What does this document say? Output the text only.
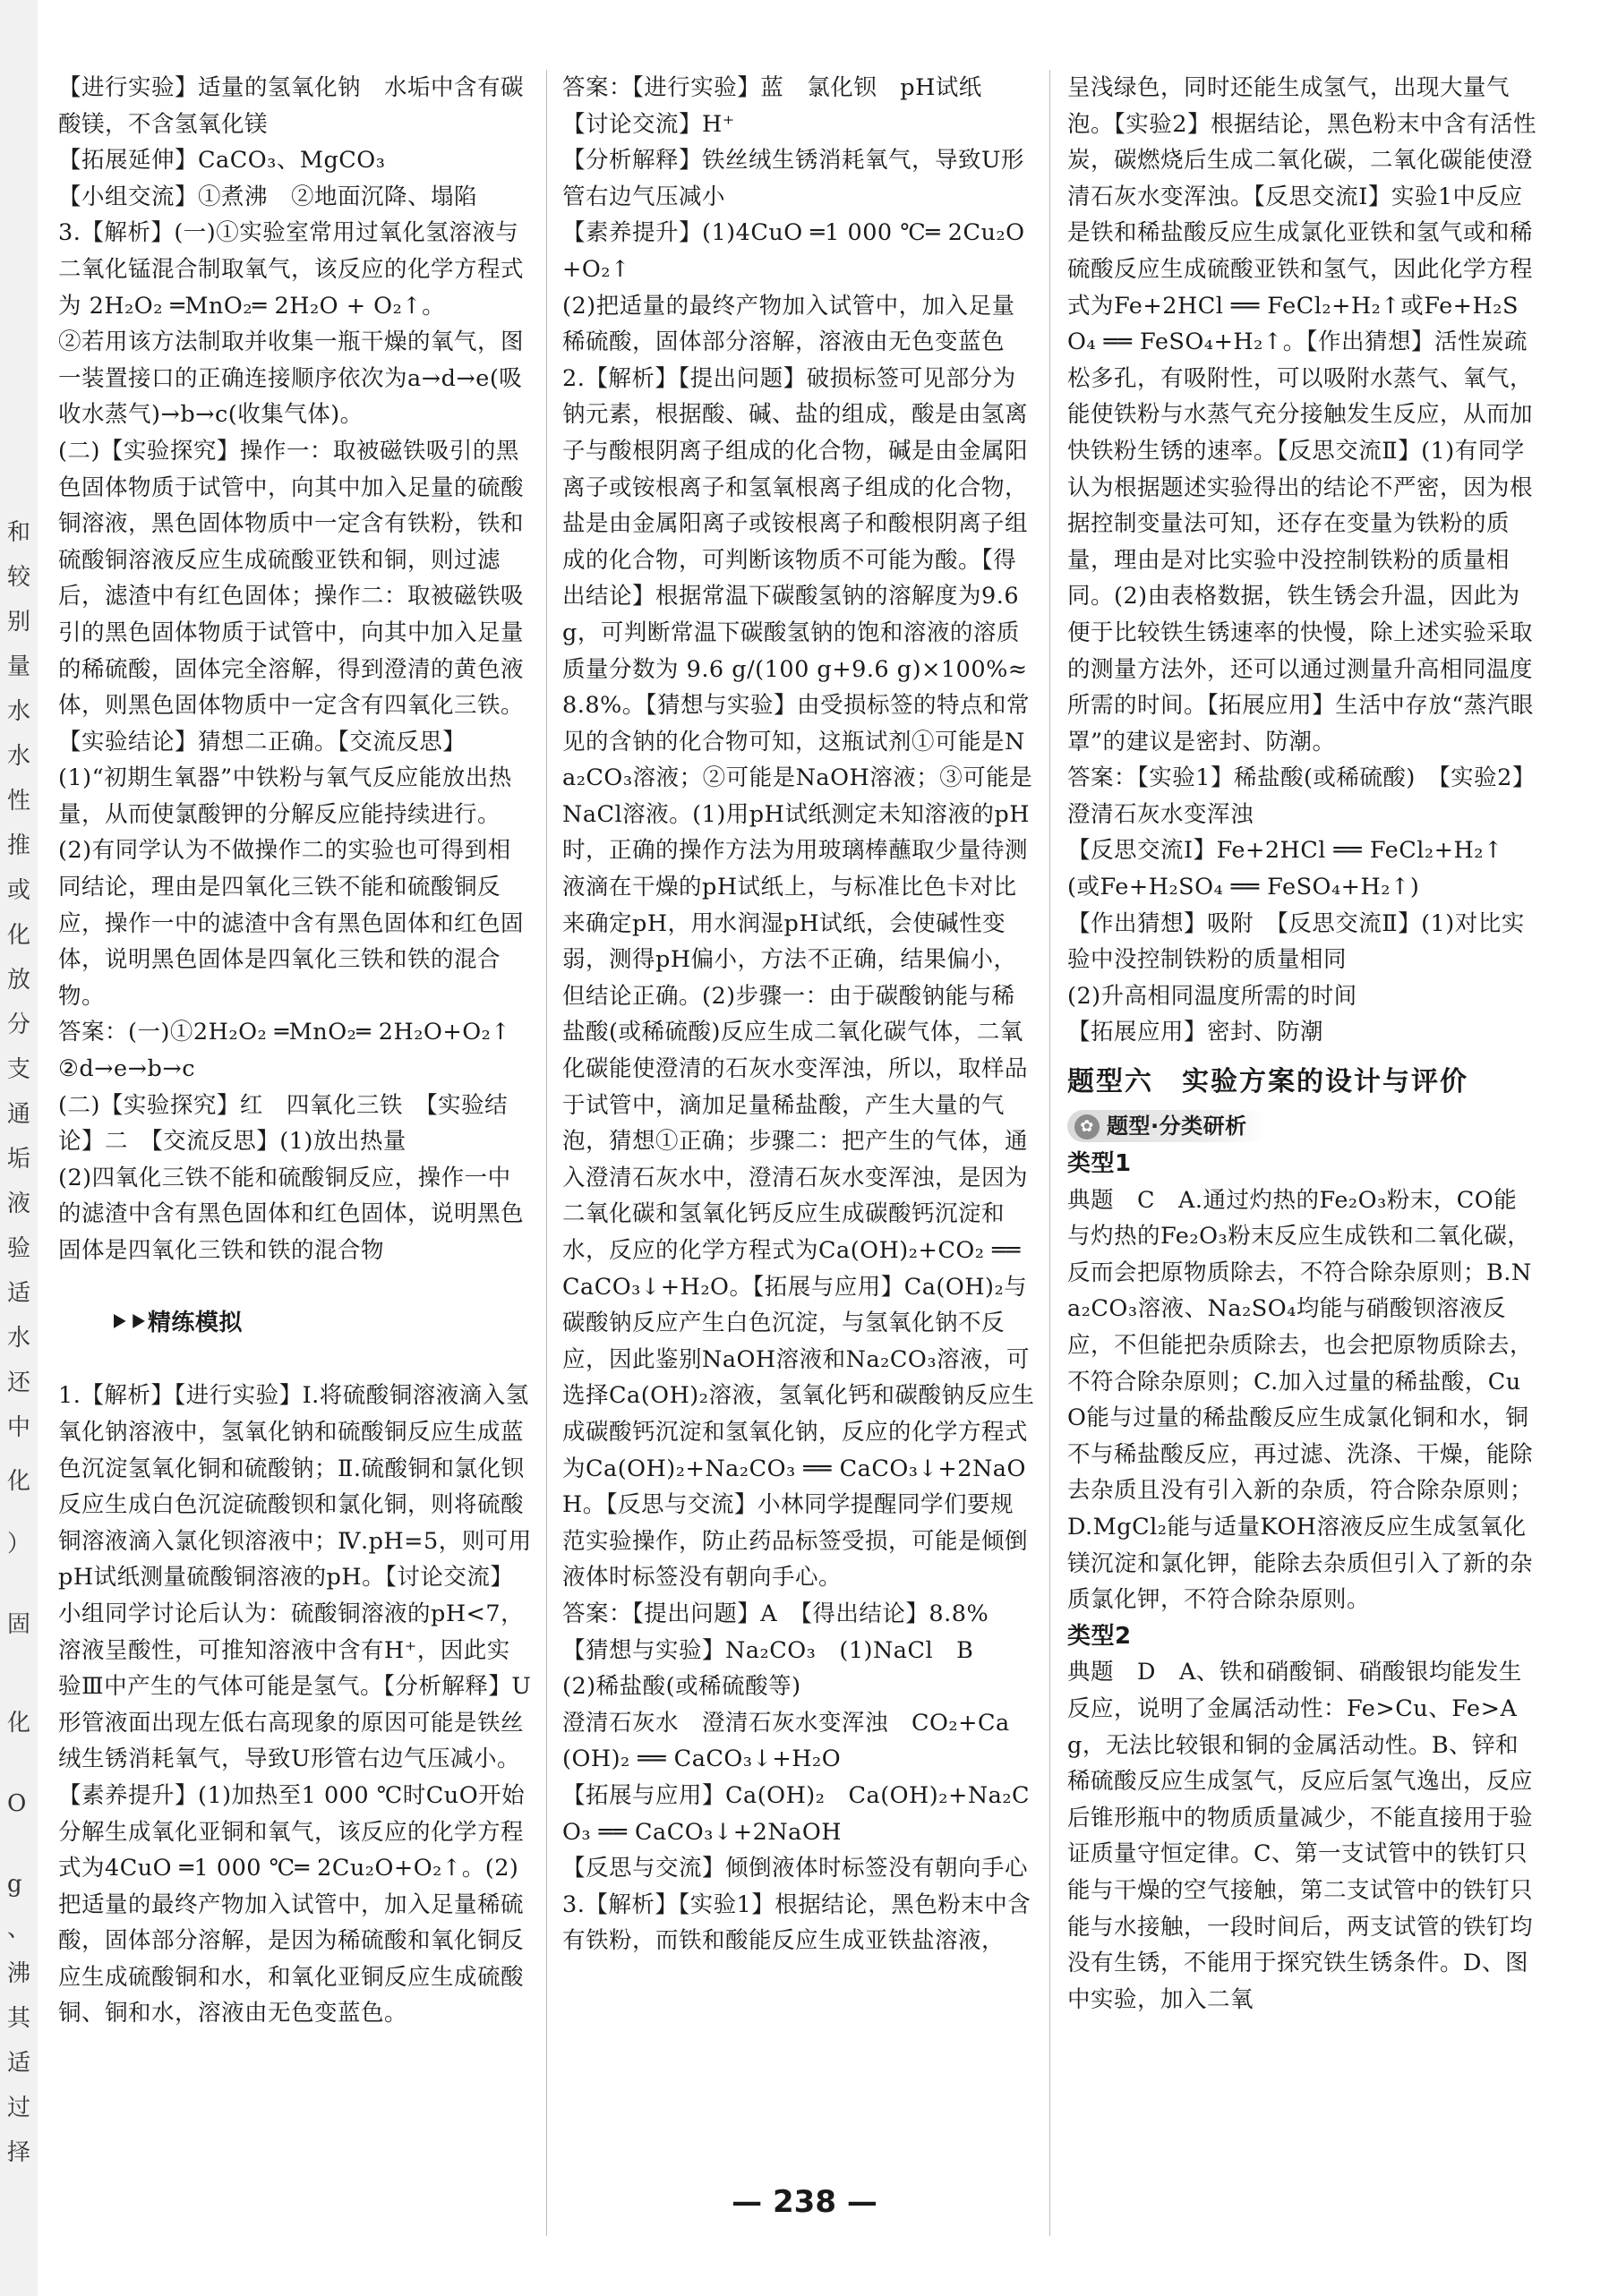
和
较
别
量
水
水
性
推
或
化
放
分
支
通
垢
液
验
适
水
还
中
化
）
固
化
O
g
、
沸
其
适
过
择

【进行实验】适量的氢氧化钠　水垢中含有碳酸镁，不含氢氧化镁

【拓展延伸】CaCO₃、MgCO₃

【小组交流】①煮沸　②地面沉降、塌陷

3.【解析】(一)①实验室常用过氧化氢溶液与二氧化锰混合制取氧气，该反应的化学方程式为 2H₂O₂ ═MnO₂═ 2H₂O + O₂↑。

②若用该方法制取并收集一瓶干燥的氧气，图一装置接口的正确连接顺序依次为a→d→e(吸收水蒸气)→b→c(收集气体)。

(二)【实验探究】操作一：取被磁铁吸引的黑色固体物质于试管中，向其中加入足量的硫酸铜溶液，黑色固体物质中一定含有铁粉，铁和硫酸铜溶液反应生成硫酸亚铁和铜，则过滤后，滤渣中有红色固体；操作二：取被磁铁吸引的黑色固体物质于试管中，向其中加入足量的稀硫酸，固体完全溶解，得到澄清的黄色液体，则黑色固体物质中一定含有四氧化三铁。【实验结论】猜想二正确。【交流反思】(1)“初期生氧器”中铁粉与氧气反应能放出热量，从而使氯酸钾的分解反应能持续进行。(2)有同学认为不做操作二的实验也可得到相同结论，理由是四氧化三铁不能和硫酸铜反应，操作一中的滤渣中含有黑色固体和红色固体，说明黑色固体是四氧化三铁和铁的混合物。

答案：(一)①2H₂O₂ ═MnO₂═ 2H₂O+O₂↑

②d→e→b→c

(二)【实验探究】红　四氧化三铁　【实验结论】二　【交流反思】(1)放出热量

(2)四氧化三铁不能和硫酸铜反应，操作一中的滤渣中含有黑色固体和红色固体，说明黑色固体是四氧化三铁和铁的混合物

⯈⯈精练模拟

1.【解析】【进行实验】Ⅰ.将硫酸铜溶液滴入氢氧化钠溶液中，氢氧化钠和硫酸铜反应生成蓝色沉淀氢氧化铜和硫酸钠；Ⅱ.硫酸铜和氯化钡反应生成白色沉淀硫酸钡和氯化铜，则将硫酸铜溶液滴入氯化钡溶液中；Ⅳ.pH=5，则可用pH试纸测量硫酸铜溶液的pH。【讨论交流】小组同学讨论后认为：硫酸铜溶液的pH<7，溶液呈酸性，可推知溶液中含有H⁺，因此实验Ⅲ中产生的气体可能是氢气。【分析解释】U形管液面出现左低右高现象的原因可能是铁丝绒生锈消耗氧气，导致U形管右边气压减小。【素养提升】(1)加热至1 000 ℃时CuO开始分解生成氧化亚铜和氧气，该反应的化学方程式为4CuO ═1 000 ℃═ 2Cu₂O+O₂↑。(2)把适量的最终产物加入试管中，加入足量稀硫酸，固体部分溶解，是因为稀硫酸和氧化铜反应生成硫酸铜和水，和氧化亚铜反应生成硫酸铜、铜和水，溶液由无色变蓝色。

答案：【进行实验】蓝　氯化钡　pH试纸

【讨论交流】H⁺

【分析解释】铁丝绒生锈消耗氧气，导致U形管右边气压减小

【素养提升】(1)4CuO ═1 000 ℃═ 2Cu₂O+O₂↑

(2)把适量的最终产物加入试管中，加入足量稀硫酸，固体部分溶解，溶液由无色变蓝色

2.【解析】【提出问题】破损标签可见部分为钠元素，根据酸、碱、盐的组成，酸是由氢离子与酸根阴离子组成的化合物，碱是由金属阳离子或铵根离子和氢氧根离子组成的化合物，盐是由金属阳离子或铵根离子和酸根阴离子组成的化合物，可判断该物质不可能为酸。【得出结论】根据常温下碳酸氢钠的溶解度为9.6 g，可判断常温下碳酸氢钠的饱和溶液的溶质质量分数为 9.6 g/(100 g+9.6 g)×100%≈8.8%。【猜想与实验】由受损标签的特点和常见的含钠的化合物可知，这瓶试剂①可能是Na₂CO₃溶液；②可能是NaOH溶液；③可能是NaCl溶液。(1)用pH试纸测定未知溶液的pH时，正确的操作方法为用玻璃棒蘸取少量待测液滴在干燥的pH试纸上，与标准比色卡对比来确定pH，用水润湿pH试纸，会使碱性变弱，测得pH偏小，方法不正确，结果偏小，但结论正确。(2)步骤一：由于碳酸钠能与稀盐酸(或稀硫酸)反应生成二氧化碳气体，二氧化碳能使澄清的石灰水变浑浊，所以，取样品于试管中，滴加足量稀盐酸，产生大量的气泡，猜想①正确；步骤二：把产生的气体，通入澄清石灰水中，澄清石灰水变浑浊，是因为二氧化碳和氢氧化钙反应生成碳酸钙沉淀和水，反应的化学方程式为Ca(OH)₂+CO₂ ══ CaCO₃↓+H₂O。【拓展与应用】Ca(OH)₂与碳酸钠反应产生白色沉淀，与氢氧化钠不反应，因此鉴别NaOH溶液和Na₂CO₃溶液，可选择Ca(OH)₂溶液，氢氧化钙和碳酸钠反应生成碳酸钙沉淀和氢氧化钠，反应的化学方程式为Ca(OH)₂+Na₂CO₃ ══ CaCO₃↓+2NaOH。【反思与交流】小林同学提醒同学们要规范实验操作，防止药品标签受损，可能是倾倒液体时标签没有朝向手心。

答案：【提出问题】A　【得出结论】8.8%

【猜想与实验】Na₂CO₃　(1)NaCl　B

(2)稀盐酸(或稀硫酸等)

澄清石灰水　澄清石灰水变浑浊　CO₂+Ca(OH)₂ ══ CaCO₃↓+H₂O

【拓展与应用】Ca(OH)₂　Ca(OH)₂+Na₂CO₃ ══ CaCO₃↓+2NaOH

【反思与交流】倾倒液体时标签没有朝向手心

3.【解析】【实验1】根据结论，黑色粉末中含有铁粉，而铁和酸能反应生成亚铁盐溶液，

呈浅绿色，同时还能生成氢气，出现大量气泡。【实验2】根据结论，黑色粉末中含有活性炭，碳燃烧后生成二氧化碳，二氧化碳能使澄清石灰水变浑浊。【反思交流Ⅰ】实验1中反应是铁和稀盐酸反应生成氯化亚铁和氢气或和稀硫酸反应生成硫酸亚铁和氢气，因此化学方程式为Fe+2HCl ══ FeCl₂+H₂↑或Fe+H₂SO₄ ══ FeSO₄+H₂↑。【作出猜想】活性炭疏松多孔，有吸附性，可以吸附水蒸气、氧气，能使铁粉与水蒸气充分接触发生反应，从而加快铁粉生锈的速率。【反思交流Ⅱ】(1)有同学认为根据题述实验得出的结论不严密，因为根据控制变量法可知，还存在变量为铁粉的质量，理由是对比实验中没控制铁粉的质量相同。(2)由表格数据，铁生锈会升温，因此为便于比较铁生锈速率的快慢，除上述实验采取的测量方法外，还可以通过测量升高相同温度所需的时间。【拓展应用】生活中存放“蒸汽眼罩”的建议是密封、防潮。

答案：【实验1】稀盐酸(或稀硫酸)　【实验2】澄清石灰水变浑浊

【反思交流Ⅰ】Fe+2HCl ══ FeCl₂+H₂↑

(或Fe+H₂SO₄ ══ FeSO₄+H₂↑)

【作出猜想】吸附　【反思交流Ⅱ】(1)对比实验中没控制铁粉的质量相同

(2)升高相同温度所需的时间

【拓展应用】密封、防潮

题型六　实验方案的设计与评价

✿ 题型·分类研析

类型1

典题　C　A.通过灼热的Fe₂O₃粉末，CO能与灼热的Fe₂O₃粉末反应生成铁和二氧化碳，反而会把原物质除去，不符合除杂原则；B.Na₂CO₃溶液、Na₂SO₄均能与硝酸钡溶液反应，不但能把杂质除去，也会把原物质除去，不符合除杂原则；C.加入过量的稀盐酸，CuO能与过量的稀盐酸反应生成氯化铜和水，铜不与稀盐酸反应，再过滤、洗涤、干燥，能除去杂质且没有引入新的杂质，符合除杂原则；D.MgCl₂能与适量KOH溶液反应生成氢氧化镁沉淀和氯化钾，能除去杂质但引入了新的杂质氯化钾，不符合除杂原则。

类型2

典题　D　A、铁和硝酸铜、硝酸银均能发生反应，说明了金属活动性：Fe>Cu、Fe>Ag，无法比较银和铜的金属活动性。B、锌和稀硫酸反应生成氢气，反应后氢气逸出，反应后锥形瓶中的物质质量减少，不能直接用于验证质量守恒定律。C、第一支试管中的铁钉只能与干燥的空气接触，第二支试管中的铁钉只能与水接触，一段时间后，两支试管的铁钉均没有生锈，不能用于探究铁生锈条件。D、图中实验，加入二氧

— 238 —
